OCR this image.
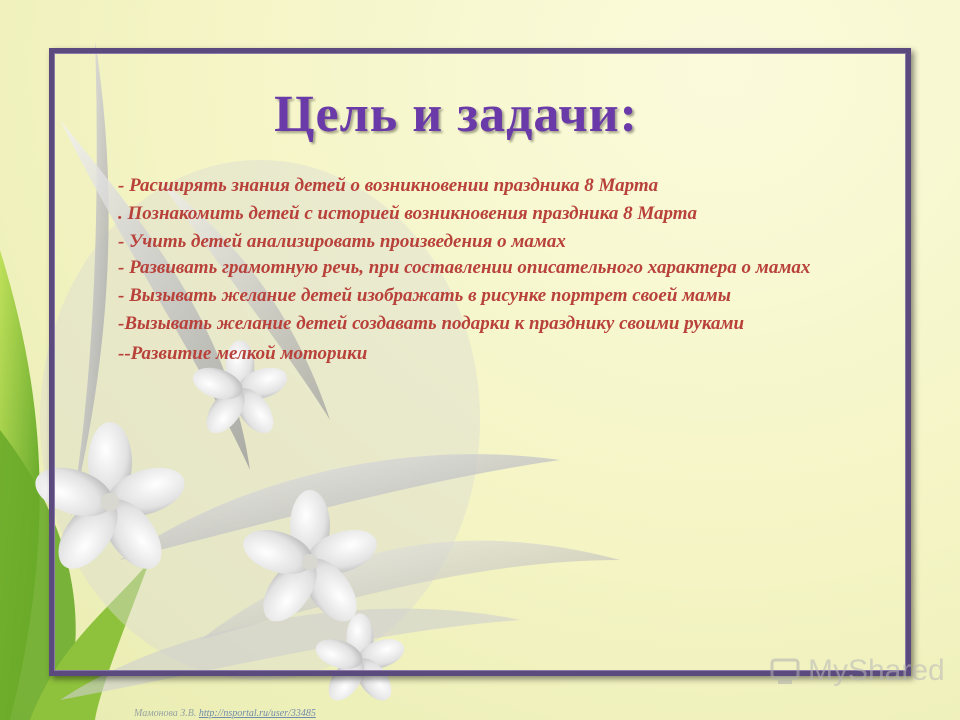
Цель и задачи:
- Расширять знания детей о возникновении праздника 8 Марта
. Познакомить детей с историей возникновения праздника 8 Марта
- Учить детей анализировать произведения о мамах
- Развивать грамотную речь, при составлении описательного характера о мамах
- Вызывать желание детей изображать в рисунке портрет своей мамы
-Вызывать желание детей создавать подарки к празднику своими руками
--Развитие мелкой моторики
MyShared
Мамонова З.В. http://nsportal.ru/user/33485
